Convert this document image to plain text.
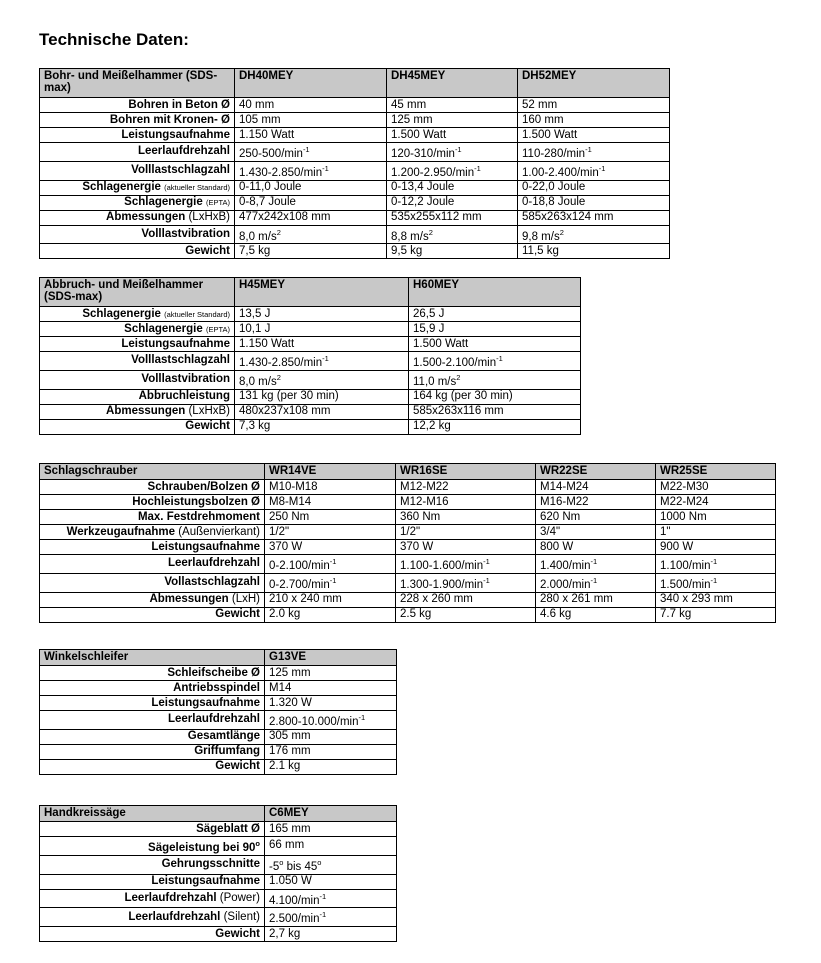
Technische Daten:
Bohr- und Meißelhammer (SDS-max)	DH40MEY	DH45MEY	DH52MEY
Bohren in Beton Ø	40 mm	45 mm	52 mm
Bohren mit Kronen- Ø	105 mm	125 mm	160 mm
Leistungsaufnahme	1.150 Watt	1.500 Watt	1.500 Watt
Leerlaufdrehzahl	$250-500/\min^{-1}$	$120-310/\min^{-1}$	$110-280/\min^{-1}$
Volllastschlagzahl	$1.430-2.850/\min^{-1}$	$1.200-2.950/\min^{-1}$	$1.00-2.400/\min^{-1}$
Schlagenergie (aktueller Standard)	0-11,0 Joule	0-13,4 Joule	0-22,0 Joule
Schlagenergie (EPTA)	0-8,7 Joule	0-12,2 Joule	0-18,8 Joule
Abmessungen (LxHxB)	477x242x108 mm	535x255x112 mm	585x263x124 mm
Volllastvibration	8,0 $m/s^2$	8,8 $m/s^2$	9,8 $m/s^2$
Gewicht	7,5 kg	9,5 kg	11,5 kg
Abbruch- und Meißelhammer (SDS-max)	H45MEY	H60MEY
Schlagenergie (aktueller Standard)	13,5 J	26,5 J
Schlagenergie (EPTA)	10,1 J	15,9 J
Leistungsaufnahme	1.150 Watt	1.500 Watt
Volllastschlagzahl	$1.430-2.850/\min^{-1}$	$1.500-2.100/\min^{-1}$
Volllastvibration	8,0 $m/s^2$	11,0 $m/s^2$
Abbruchleistung	131 kg (per 30 min)	164 kg (per 30 min)
Abmessungen (LxHxB)	480x237x108 mm	585x263x116 mm
Gewicht	7,3 kg	12,2 kg
Schlagschrauber	WR14VE	WR16SE	WR22SE	WR25SE
Schrauben/Bolzen Ø	M10-M18	M12-M22	M14-M24	M22-M30
Hochleistungsbolzen Ø	M8-M14	M12-M16	M16-M22	M22-M24
Max. Festdrehmoment	250 Nm	360 Nm	620 Nm	1000 Nm
Werkzeugaufnahme (Außenvierkant)	1/2"	1/2"	3/4"	1"
Leistungsaufnahme	370 W	370 W	800 W	900 W
Leerlaufdrehzahl	$0-2.100/\min^{-1}$	$1.100-1.600/\min^{-1}$	$1.400/\min^{-1}$	$1.100/\min^{-1}$
Vollastschlagzahl	$0-2.700/\min^{-1}$	$1.300-1.900/\min^{-1}$	$2.000/\min^{-1}$	$1.500/\min^{-1}$
Abmessungen (LxH)	210 x 240 mm	228 x 260 mm	280 x 261 mm	340 x 293 mm
Gewicht	2.0 kg	2.5 kg	4.6 kg	7.7 kg
Winkelschleifer	G13VE
Schleifscheibe Ø	125 mm
Antriebsspindel	M14
Leistungsaufnahme	1.320 W
Leerlaufdrehzahl	$2.800-10.000/\min^{-1}$
Gesamtlänge	305 mm
Griffumfang	176 mm
Gewicht	2.1 kg
Handkreissäge	C6MEY
Sägeblatt Ø	165 mm
Sägeleistung bei 90$^o$	66 mm
Gehrungsschnitte	-5$^o$ bis 45$^o$
Leistungsaufnahme	1.050 W
Leerlaufdrehzahl (Power)	$4.100/\min^{-1}$
Leerlaufdrehzahl (Silent)	$2.500/\min^{-1}$
Gewicht	2,7 kg
